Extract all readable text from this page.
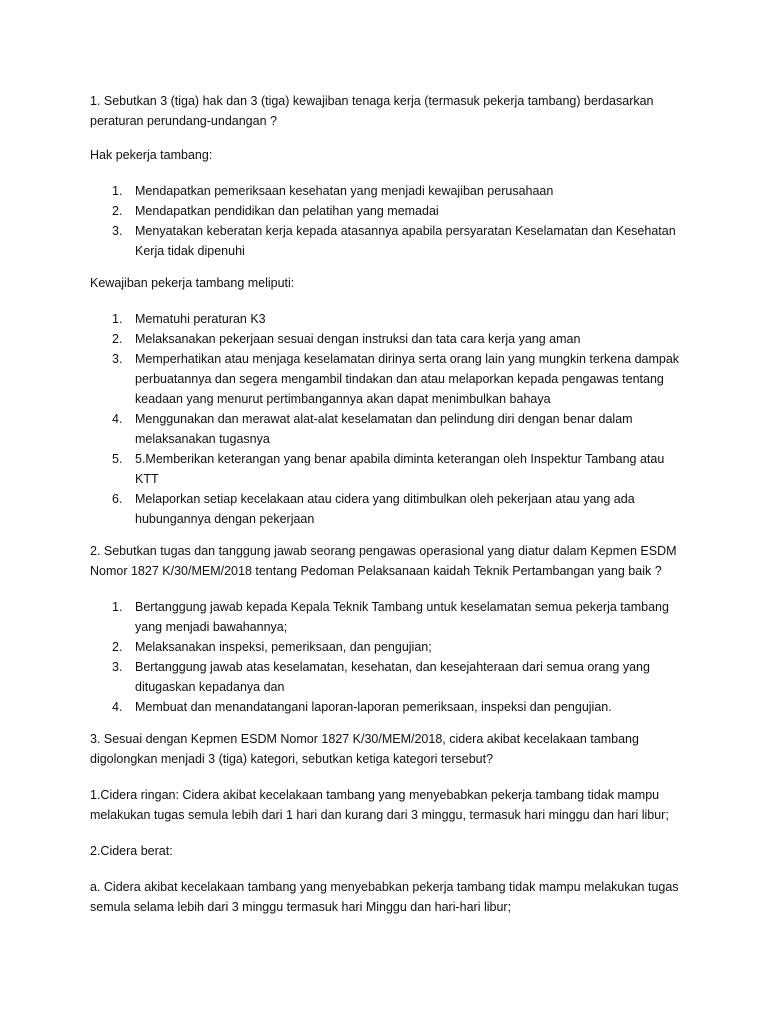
1. Sebutkan 3 (tiga) hak dan 3 (tiga) kewajiban tenaga kerja (termasuk pekerja tambang) berdasarkan peraturan perundang-undangan ?

Hak pekerja tambang:

1.	Mendapatkan pemeriksaan kesehatan yang menjadi kewajiban perusahaan
2.	Mendapatkan pendidikan dan pelatihan yang memadai
3.	Menyatakan keberatan kerja kepada atasannya apabila persyaratan Keselamatan dan Kesehatan Kerja tidak dipenuhi

Kewajiban pekerja tambang meliputi:

1.	Mematuhi peraturan K3
2.	Melaksanakan pekerjaan sesuai dengan instruksi dan tata cara kerja yang aman
3.	Memperhatikan atau menjaga keselamatan dirinya serta orang lain yang mungkin terkena dampak perbuatannya dan segera mengambil tindakan dan atau melaporkan kepada pengawas tentang keadaan yang menurut pertimbangannya akan dapat menimbulkan bahaya
4.	Menggunakan dan merawat alat-alat keselamatan dan pelindung diri dengan benar dalam melaksanakan tugasnya
5.	5.Memberikan keterangan yang benar apabila diminta keterangan oleh Inspektur Tambang atau KTT
6.	Melaporkan setiap kecelakaan atau cidera yang ditimbulkan oleh pekerjaan atau yang ada hubungannya dengan pekerjaan

2. Sebutkan tugas dan tanggung jawab seorang pengawas operasional yang diatur dalam Kepmen ESDM Nomor 1827 K/30/MEM/2018 tentang Pedoman Pelaksanaan kaidah Teknik Pertambangan yang baik ?

1.	Bertanggung jawab kepada Kepala Teknik Tambang untuk keselamatan semua pekerja tambang yang menjadi bawahannya;
2.	Melaksanakan inspeksi, pemeriksaan, dan pengujian;
3.	Bertanggung jawab atas keselamatan, kesehatan, dan kesejahteraan dari semua orang yang ditugaskan kepadanya dan
4.	Membuat dan menandatangani laporan-laporan pemeriksaan, inspeksi dan pengujian.

3. Sesuai dengan Kepmen ESDM Nomor 1827 K/30/MEM/2018, cidera akibat kecelakaan tambang digolongkan menjadi 3 (tiga) kategori, sebutkan ketiga kategori tersebut?

1.Cidera ringan: Cidera akibat kecelakaan tambang yang menyebabkan pekerja tambang tidak mampu melakukan tugas semula lebih dari 1 hari dan kurang dari 3 minggu, termasuk hari minggu dan hari libur;

2.Cidera berat:

a. Cidera akibat kecelakaan tambang yang menyebabkan pekerja tambang tidak mampu melakukan tugas semula selama lebih dari 3 minggu termasuk hari Minggu dan hari-hari libur;
